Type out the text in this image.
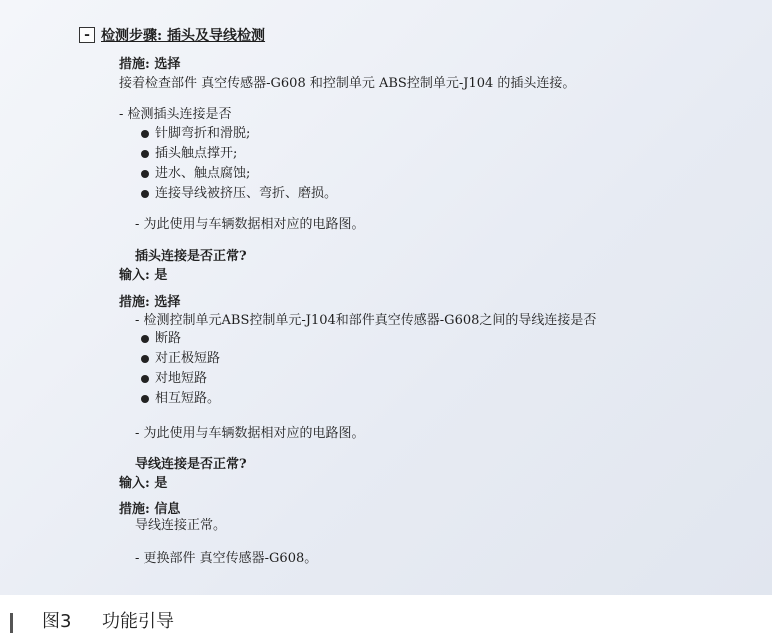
- 检测步骤: 插头及导线检测
措施: 选择
接着检查部件 真空传感器-G608 和控制单元 ABS控制单元-J104 的插头连接。
- 检测插头连接是否
针脚弯折和滑脱;
插头触点撑开;
进水、触点腐蚀;
连接导线被挤压、弯折、磨损。
- 为此使用与车辆数据相对应的电路图。
插头连接是否正常?
输入: 是
措施: 选择
- 检测控制单元ABS控制单元-J104和部件真空传感器-G608之间的导线连接是否
断路
对正极短路
对地短路
相互短路。
- 为此使用与车辆数据相对应的电路图。
导线连接是否正常?
输入: 是
措施: 信息
导线连接正常。
- 更换部件 真空传感器-G608。
图3 功能引导
